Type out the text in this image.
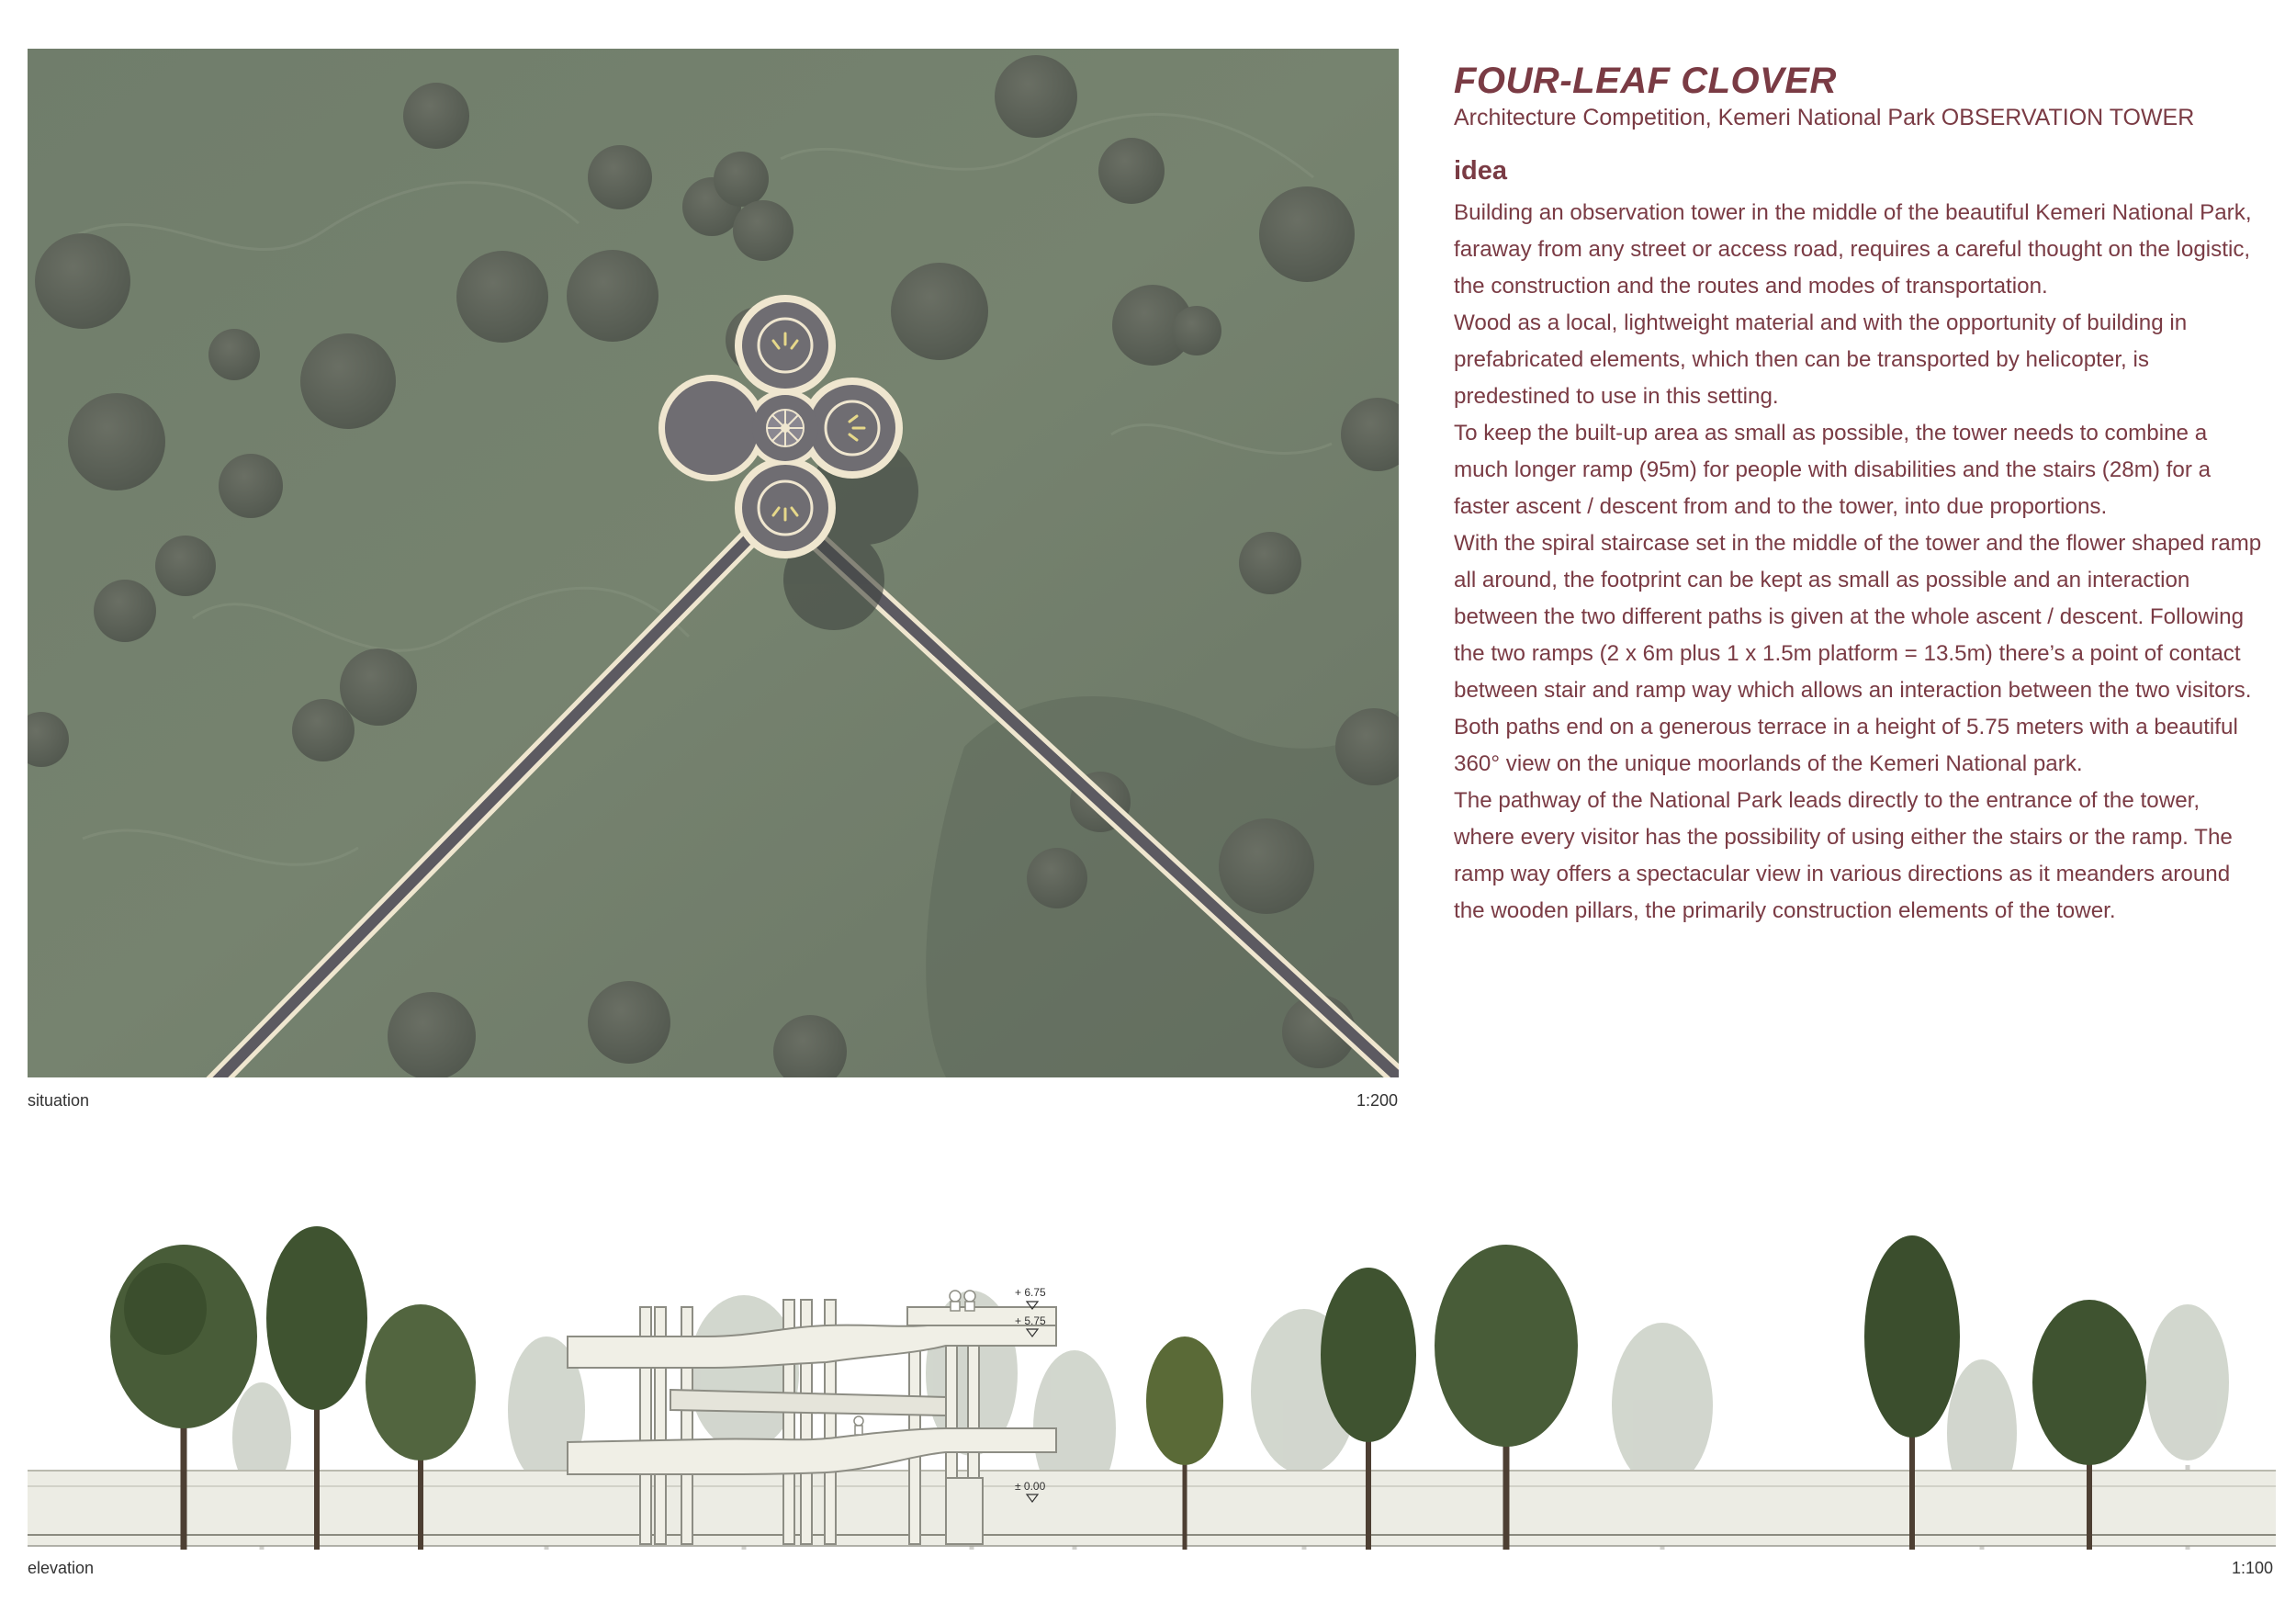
situation	1:200
FOUR-LEAF CLOVER
Architecture Competition, Kemeri National Park OBSERVATION TOWER
idea

Building an observation tower in the middle of the beautiful Kemeri National Park, faraway from any street or access road, requires a careful thought on the logistic, the construction and the routes and modes of transportation.

Wood as a local, lightweight material and with the opportunity of building in prefabricated elements, which then can be transported by helicopter, is predestined to use in this setting.

To keep the built-up area as small as possible, the tower needs to combine a much longer ramp (95m) for people with disabilities and the stairs (28m) for a faster ascent / descent from and to the tower, into due proportions.

With the spiral staircase set in the middle of the tower and the flower shaped ramp all around, the footprint can be kept as small as possible and an interaction between the two different paths is given at the whole ascent / descent. Following the two ramps (2 x 6m plus 1 x 1.5m platform = 13.5m) there’s a point of contact between stair and ramp way which allows an interaction between the two visitors.

Both paths end on a generous terrace in a height of 5.75 meters with a beautiful 360° view on the unique moorlands of the Kemeri National park.

The pathway of the National Park leads directly to the entrance of the tower, where every visitor has the possibility of using either the stairs or the ramp. The ramp way offers a spectacular view in various directions as it meanders around the wooden pillars, the primarily construction elements of the tower.

+ 6.75
+ 5.75
± 0.00
elevation	1:100
